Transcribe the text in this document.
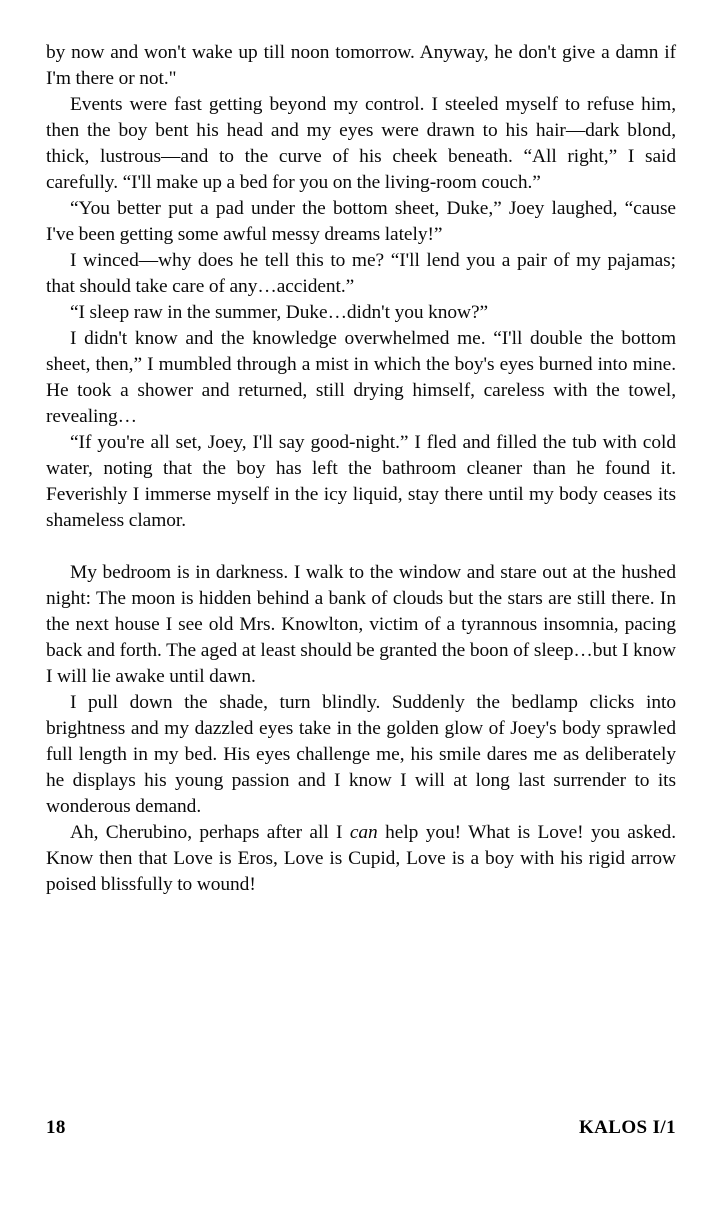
by now and won't wake up till noon tomorrow. Anyway, he don't give a damn if I'm there or not."

Events were fast getting beyond my control. I steeled myself to refuse him, then the boy bent his head and my eyes were drawn to his hair—dark blond, thick, lustrous—and to the curve of his cheek beneath. “All right,” I said carefully. “I'll make up a bed for you on the living-room couch.”

“You better put a pad under the bottom sheet, Duke,” Joey laughed, “cause I've been getting some awful messy dreams lately!”

I winced—why does he tell this to me? “I'll lend you a pair of my pajamas; that should take care of any…accident.”

“I sleep raw in the summer, Duke…didn't you know?”

I didn't know and the knowledge overwhelmed me. “I'll double the bottom sheet, then,” I mumbled through a mist in which the boy's eyes burned into mine. He took a shower and returned, still drying himself, careless with the towel, revealing…

“If you're all set, Joey, I'll say good-night.” I fled and filled the tub with cold water, noting that the boy has left the bathroom cleaner than he found it. Feverishly I immerse myself in the icy liquid, stay there until my body ceases its shameless clamor.

My bedroom is in darkness. I walk to the window and stare out at the hushed night: The moon is hidden behind a bank of clouds but the stars are still there. In the next house I see old Mrs. Knowlton, victim of a tyrannous insomnia, pacing back and forth. The aged at least should be granted the boon of sleep…but I know I will lie awake until dawn.

I pull down the shade, turn blindly. Suddenly the bedlamp clicks into brightness and my dazzled eyes take in the golden glow of Joey's body sprawled full length in my bed. His eyes challenge me, his smile dares me as deliberately he displays his young passion and I know I will at long last surrender to its wonderous demand.

Ah, Cherubino, perhaps after all I can help you! What is Love! you asked. Know then that Love is Eros, Love is Cupid, Love is a boy with his rigid arrow poised blissfully to wound!

18	KALOS I/1
